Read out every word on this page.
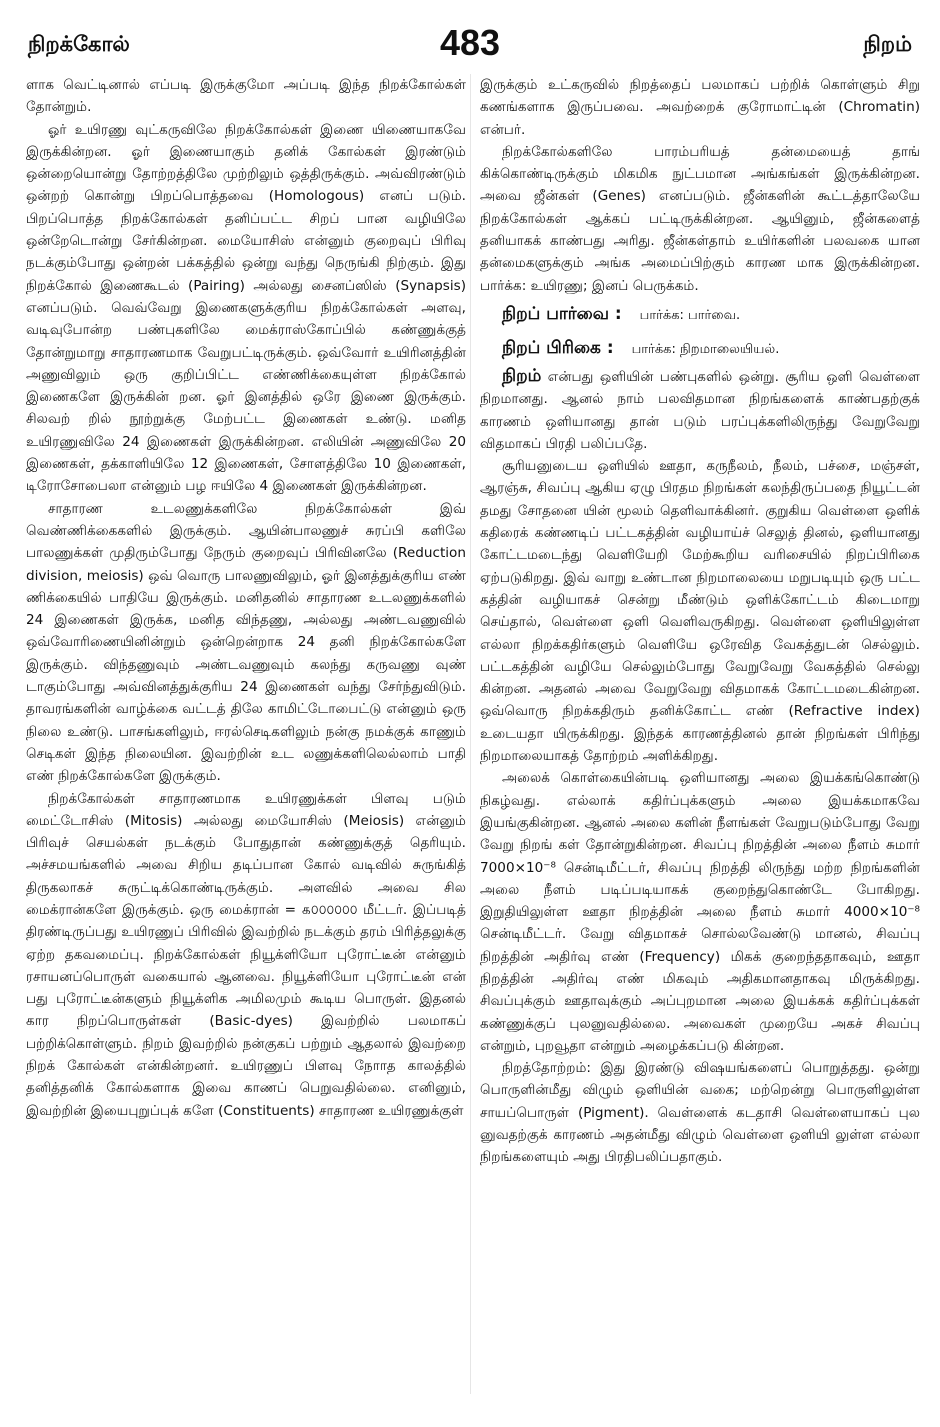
நிறக்கோல்	483	நிறம்

ளாக வெட்டினால் எப்படி இருக்குமோ அப்படி இந்த நிறக்கோல்கள் தோன்றும்.

ஓர் உயிரணு வுட்கருவிலே நிறக்கோல்கள் இணை யிணையாகவே இருக்கின்றன. ஓர் இணையாகும் தனிக் கோல்கள் இரண்டும் ஒன்றையொன்று தோற்றத்திலே முற்றிலும் ஒத்திருக்கும். அவ்விரண்டும் ஒன்றற் கொன்று பிறப்பொத்தவை (Homologous) எனப் படும். பிறப்பொத்த நிறக்கோல்கள் தனிப்பட்ட சிறப் பான வழியிலே ஒன்றேடொன்று சேர்கின்றன. மையோசிஸ் என்னும் குறைவுப் பிரிவு நடக்கும்போது ஒன்றன் பக்கத்தில் ஒன்று வந்து நெருங்கி நிற்கும். இது நிறக்கோல் இணைகூடல் (Pairing) அல்லது சைனப்ஸிஸ் (Synapsis) எனப்படும். வெவ்வேறு இணைகளுக்குரிய நிறக்கோல்கள் அளவு, வடிவுபோன்ற பண்புகளிலே மைக்ராஸ்கோப்பில் கண்ணுக்குத் தோன்றுமாறு சாதாரணமாக வேறுபட்டிருக்கும். ஒவ்வோர் உயிரினத்தின் அணுவிலும் ஒரு குறிப்பிட்ட எண்ணிக்கையுள்ள நிறக்கோல் இணைகளே இருக்கின் றன. ஓர் இனத்தில் ஒரே இணை இருக்கும். சிலவற் றில் நூற்றுக்கு மேற்பட்ட இணைகள் உண்டு. மனித உயிரணுவிலே 24 இணைகள் இருக்கின்றன. எலியின் அணுவிலே 20 இணைகள், தக்காளியிலே 12 இணைகள், சோளத்திலே 10 இணைகள், டிரோசோபைலா என்னும் பழ ஈயிலே 4 இணைகள் இருக்கின்றன.

சாதாரண உடலணுக்களிலே நிறக்கோல்கள் இவ் வெண்ணிக்கைகளில் இருக்கும். ஆயின்பாலணுச் சுரப்பி களிலே பாலணுக்கள் முதிரும்போது நேரும் குறைவுப் பிரிவினலே (Reduction division, meiosis) ஒவ் வொரு பாலணுவிலும், ஓர் இனத்துக்குரிய எண் ணிக்கையில் பாதியே இருக்கும். மனிதனில் சாதாரண உடலணுக்களில் 24 இணைகள் இருக்க, மனித விந்தணு, அல்லது அண்டவணுவில் ஒவ்வோரிணையினின்றும் ஒன்றென்றாக 24 தனி நிறக்கோல்களே இருக்கும். விந்தணுவும் அண்டவணுவும் கலந்து கருவணு வுண் டாகும்போது அவ்வினத்துக்குரிய 24 இணைகள் வந்து சேர்ந்துவிடும். தாவரங்களின் வாழ்க்கை வட்டத் திலே காமிட்டோபைட்டு என்னும் ஒரு நிலை உண்டு. பாசங்களிலும், ஈரல்செடிகளிலும் நன்கு நமக்குக் காணும் செடிகள் இந்த நிலையின. இவற்றின் உட லணுக்களிலெல்லாம் பாதி எண் நிறக்கோல்களே இருக்கும்.

நிறக்கோல்கள் சாதாரணமாக உயிரணுக்கள் பிளவு படும் மைட்டோசிஸ் (Mitosis) அல்லது மையோசிஸ் (Meiosis) என்னும் பிரிவுச் செயல்கள் நடக்கும் போதுதான் கண்ணுக்குத் தெரியும். அச்சமயங்களில் அவை சிறிய தடிப்பான கோல் வடிவில் சுருங்கித் திருகலாகச் சுருட்டிக்கொண்டிருக்கும். அளவில் அவை சில மைக்ரான்களே இருக்கும். ஒரு மைக்ரான் = ௧௦௦௦௦௦௦ மீட்டர். இப்படித் திரண்டிருப்பது உயிரணுப் பிரிவில் இவற்றில் நடக்கும் தரம் பிரித்தலுக்கு ஏற்ற தகவமைப்பு. நிறக்கோல்கள் நியூக்ளியோ புரோட்டீன் என்னும் ரசாயனப்பொருள் வகையால் ஆனவை. நியூக்ளியோ புரோட்டீன் என் பது புரோட்டீன்களும் நியூக்ளிக அமிலமும் கூடிய பொருள். இதனல் கார நிறப்பொருள்கள் (Basic-dyes) இவற்றில் பலமாகப் பற்றிக்கொள்ளும். நிறம் இவற்றில் நன்குகப் பற்றும் ஆதலால் இவற்றை நிறக் கோல்கள் என்கின்றனர். உயிரணுப் பிளவு நோாத காலத்தில் தனித்தனிக் கோல்களாக இவை காணப் பெறுவதில்லை. எனினும், இவற்றின் இயைபுறுப்புக் களே (Constituents) சாதாரண உயிரணுக்குள்

இருக்கும் உட்கருவில் நிறத்தைப் பலமாகப் பற்றிக் கொள்ளும் சிறு கணங்களாக இருப்பவை. அவற்றைக் குரோமாட்டின் (Chromatin) என்பர்.

நிறக்கோல்களிலே பாரம்பரியத் தன்மையைத் தாங் கிக்கொண்டிருக்கும் மிகமிக நுட்பமான அங்கங்கள் இருக்கின்றன. அவை ஜீன்கள் (Genes) எனப்படும். ஜீன்களின் கூட்டத்தாலேயே நிறக்கோல்கள் ஆக்கப் பட்டிருக்கின்றன. ஆயினும், ஜீன்களைத் தனியாகக் காண்பது அரிது. ஜீன்கள்தாம் உயிர்களின் பலவகை யான தன்மைகளுக்கும் அங்க அமைப்பிற்கும் காரண மாக இருக்கின்றன. பார்க்க: உயிரணு; இனப் பெருக்கம்.

நிறப் பார்வை : பார்க்க: பார்வை.
நிறப் பிரிகை : பார்க்க: நிறமாலையியல்.

நிறம் என்பது ஒளியின் பண்புகளில் ஒன்று. சூரிய ஒளி வெள்ளை நிறமானது. ஆனல் நாம் பலவிதமான நிறங்களைக் காண்பதற்குக் காரணம் ஒளியானது தான் படும் பரப்புக்களிலிருந்து வேறுவேறு விதமாகப் பிரதி பலிப்பதே.

சூரியனுடைய ஒளியில் ஊதா, கருநீலம், நீலம், பச்சை, மஞ்சள், ஆரஞ்சு, சிவப்பு ஆகிய ஏழு பிரதம நிறங்கள் கலந்திருப்பதை நியூட்டன் தமது சோதனை யின் மூலம் தெளிவாக்கினர். குறுகிய வெள்ளை ஒளிக் கதிரைக் கண்ணடிப் பட்டகத்தின் வழியாய்ச் செலுத் தினல், ஒளியானது கோட்டமடைந்து வெளியேறி மேற்கூறிய வரிசையில் நிறப்பிரிகை ஏற்படுகிறது. இவ் வாறு உண்டான நிறமாலையை மறுபடியும் ஒரு பட்ட கத்தின் வழியாகச் சென்று மீண்டும் ஒளிக்கோட்டம் கிடைமாறு செய்தால், வெள்ளை ஒளி வெளிவருகிறது. வெள்ளை ஒளியிலுள்ள எல்லா நிறக்கதிர்களும் வெளியே ஒரேவித வேகத்துடன் செல்லும். பட்டகத்தின் வழியே செல்லும்போது வேறுவேறு வேகத்தில் செல்லு கின்றன. அதனல் அவை வேறுவேறு விதமாகக் கோட்டமடைகின்றன. ஒவ்வொரு நிறக்கதிரும் தனிக்கோட்ட எண் (Refractive index) உடையதா யிருக்கிறது. இந்தக் காரணத்தினல் தான் நிறங்கள் பிரிந்து நிறமாலையாகத் தோற்றம் அளிக்கிறது.

அலைக் கொள்கையின்படி ஒளியானது அலை இயக்கங்கொண்டு நிகழ்வது. எல்லாக் கதிர்ப்புக்களும் அலை இயக்கமாகவே இயங்குகின்றன. ஆனல் அலை களின் நீளங்கள் வேறுபடும்போது வேறு வேறு நிறங் கள் தோன்றுகின்றன. சிவப்பு நிறத்தின் அலை நீளம் சுமார் 7000×10⁻⁸ சென்டிமீட்டர், சிவப்பு நிறத்தி லிருந்து மற்ற நிறங்களின் அலை நீளம் படிப்படியாகக் குறைந்துகொண்டே போகிறது. இறுதியிலுள்ள ஊதா நிறத்தின் அலை நீளம் சுமார் 4000×10⁻⁸ சென்டிமீட்டர். வேறு விதமாகச் சொல்லவேண்டு மானல், சிவப்பு நிறத்தின் அதிர்வு எண் (Frequency) மிகக் குறைந்ததாகவும், ஊதா நிறத்தின் அதிர்வு எண் மிகவும் அதிகமானதாகவு மிருக்கிறது. சிவப்புக்கும் ஊதாவுக்கும் அப்புறமான அலை இயக்கக் கதிர்ப்புக்கள் கண்ணுக்குப் புலனுவதில்லை. அவைகள் முறையே அகச் சிவப்பு என்றும், புறவூதா என்றும் அழைக்கப்படு கின்றன.

நிறத்தோற்றம்: இது இரண்டு விஷயங்களைப் பொறுத்தது. ஒன்று பொருளின்மீது விழும் ஒளியின் வகை; மற்றென்று பொருளிலுள்ள சாயப்பொருள் (Pigment). வெள்ளைக் கடதாசி வெள்ளையாகப் புல னுவதற்குக் காரணம் அதன்மீது விழும் வெள்ளை ஒளியி லுள்ள எல்லா நிறங்களையும் அது பிரதிபலிப்பதாகும்.
